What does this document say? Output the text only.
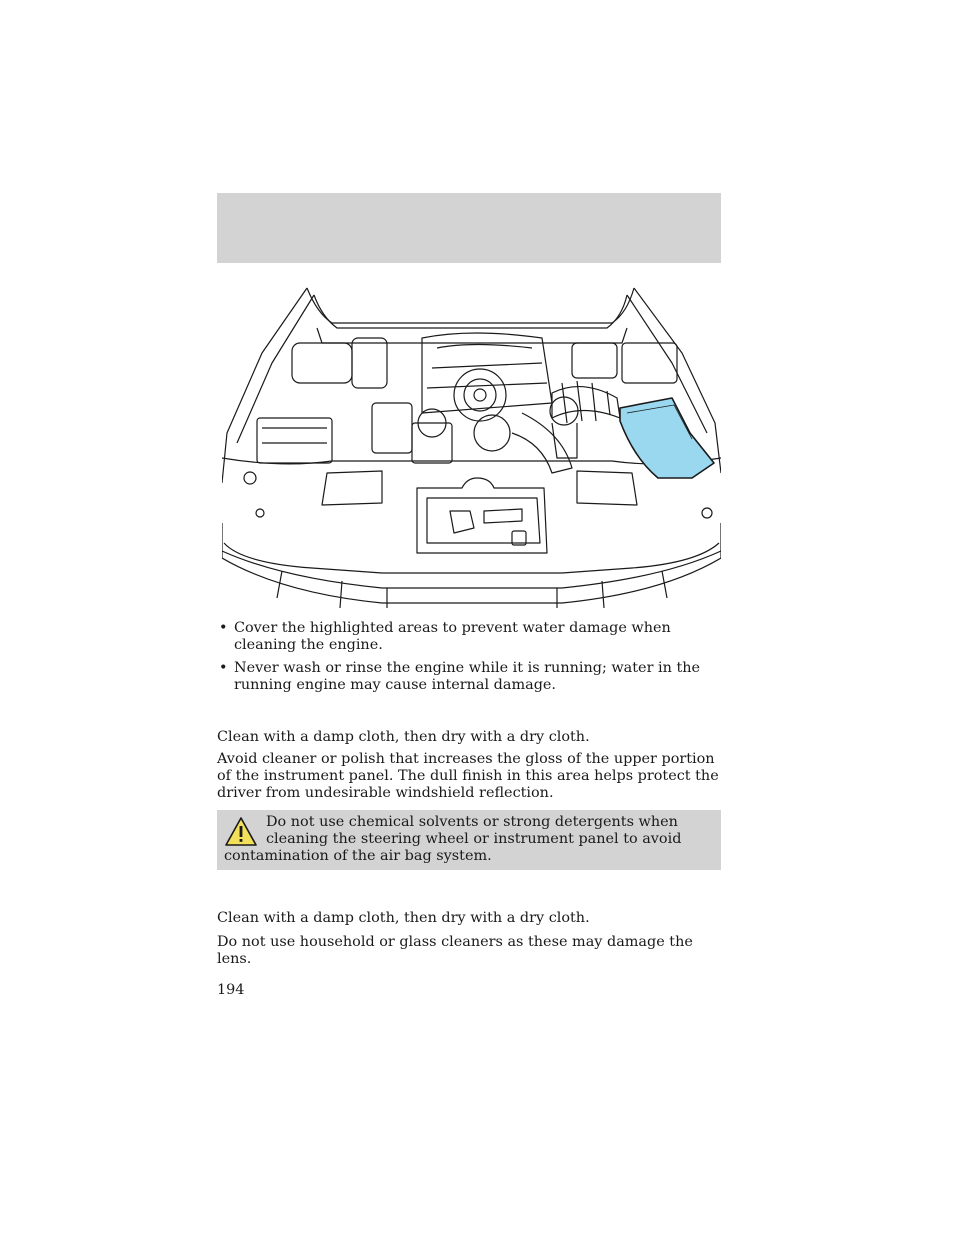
• Cover the highlighted areas to prevent water damage when cleaning the engine.
• Never wash or rinse the engine while it is running; water in the running engine may cause internal damage.
Clean with a damp cloth, then dry with a dry cloth.
Avoid cleaner or polish that increases the gloss of the upper portion of the instrument panel. The dull finish in this area helps protect the driver from undesirable windshield reflection.
Do not use chemical solvents or strong detergents when cleaning the steering wheel or instrument panel to avoid contamination of the air bag system.
Clean with a damp cloth, then dry with a dry cloth.
Do not use household or glass cleaners as these may damage the lens.
194
